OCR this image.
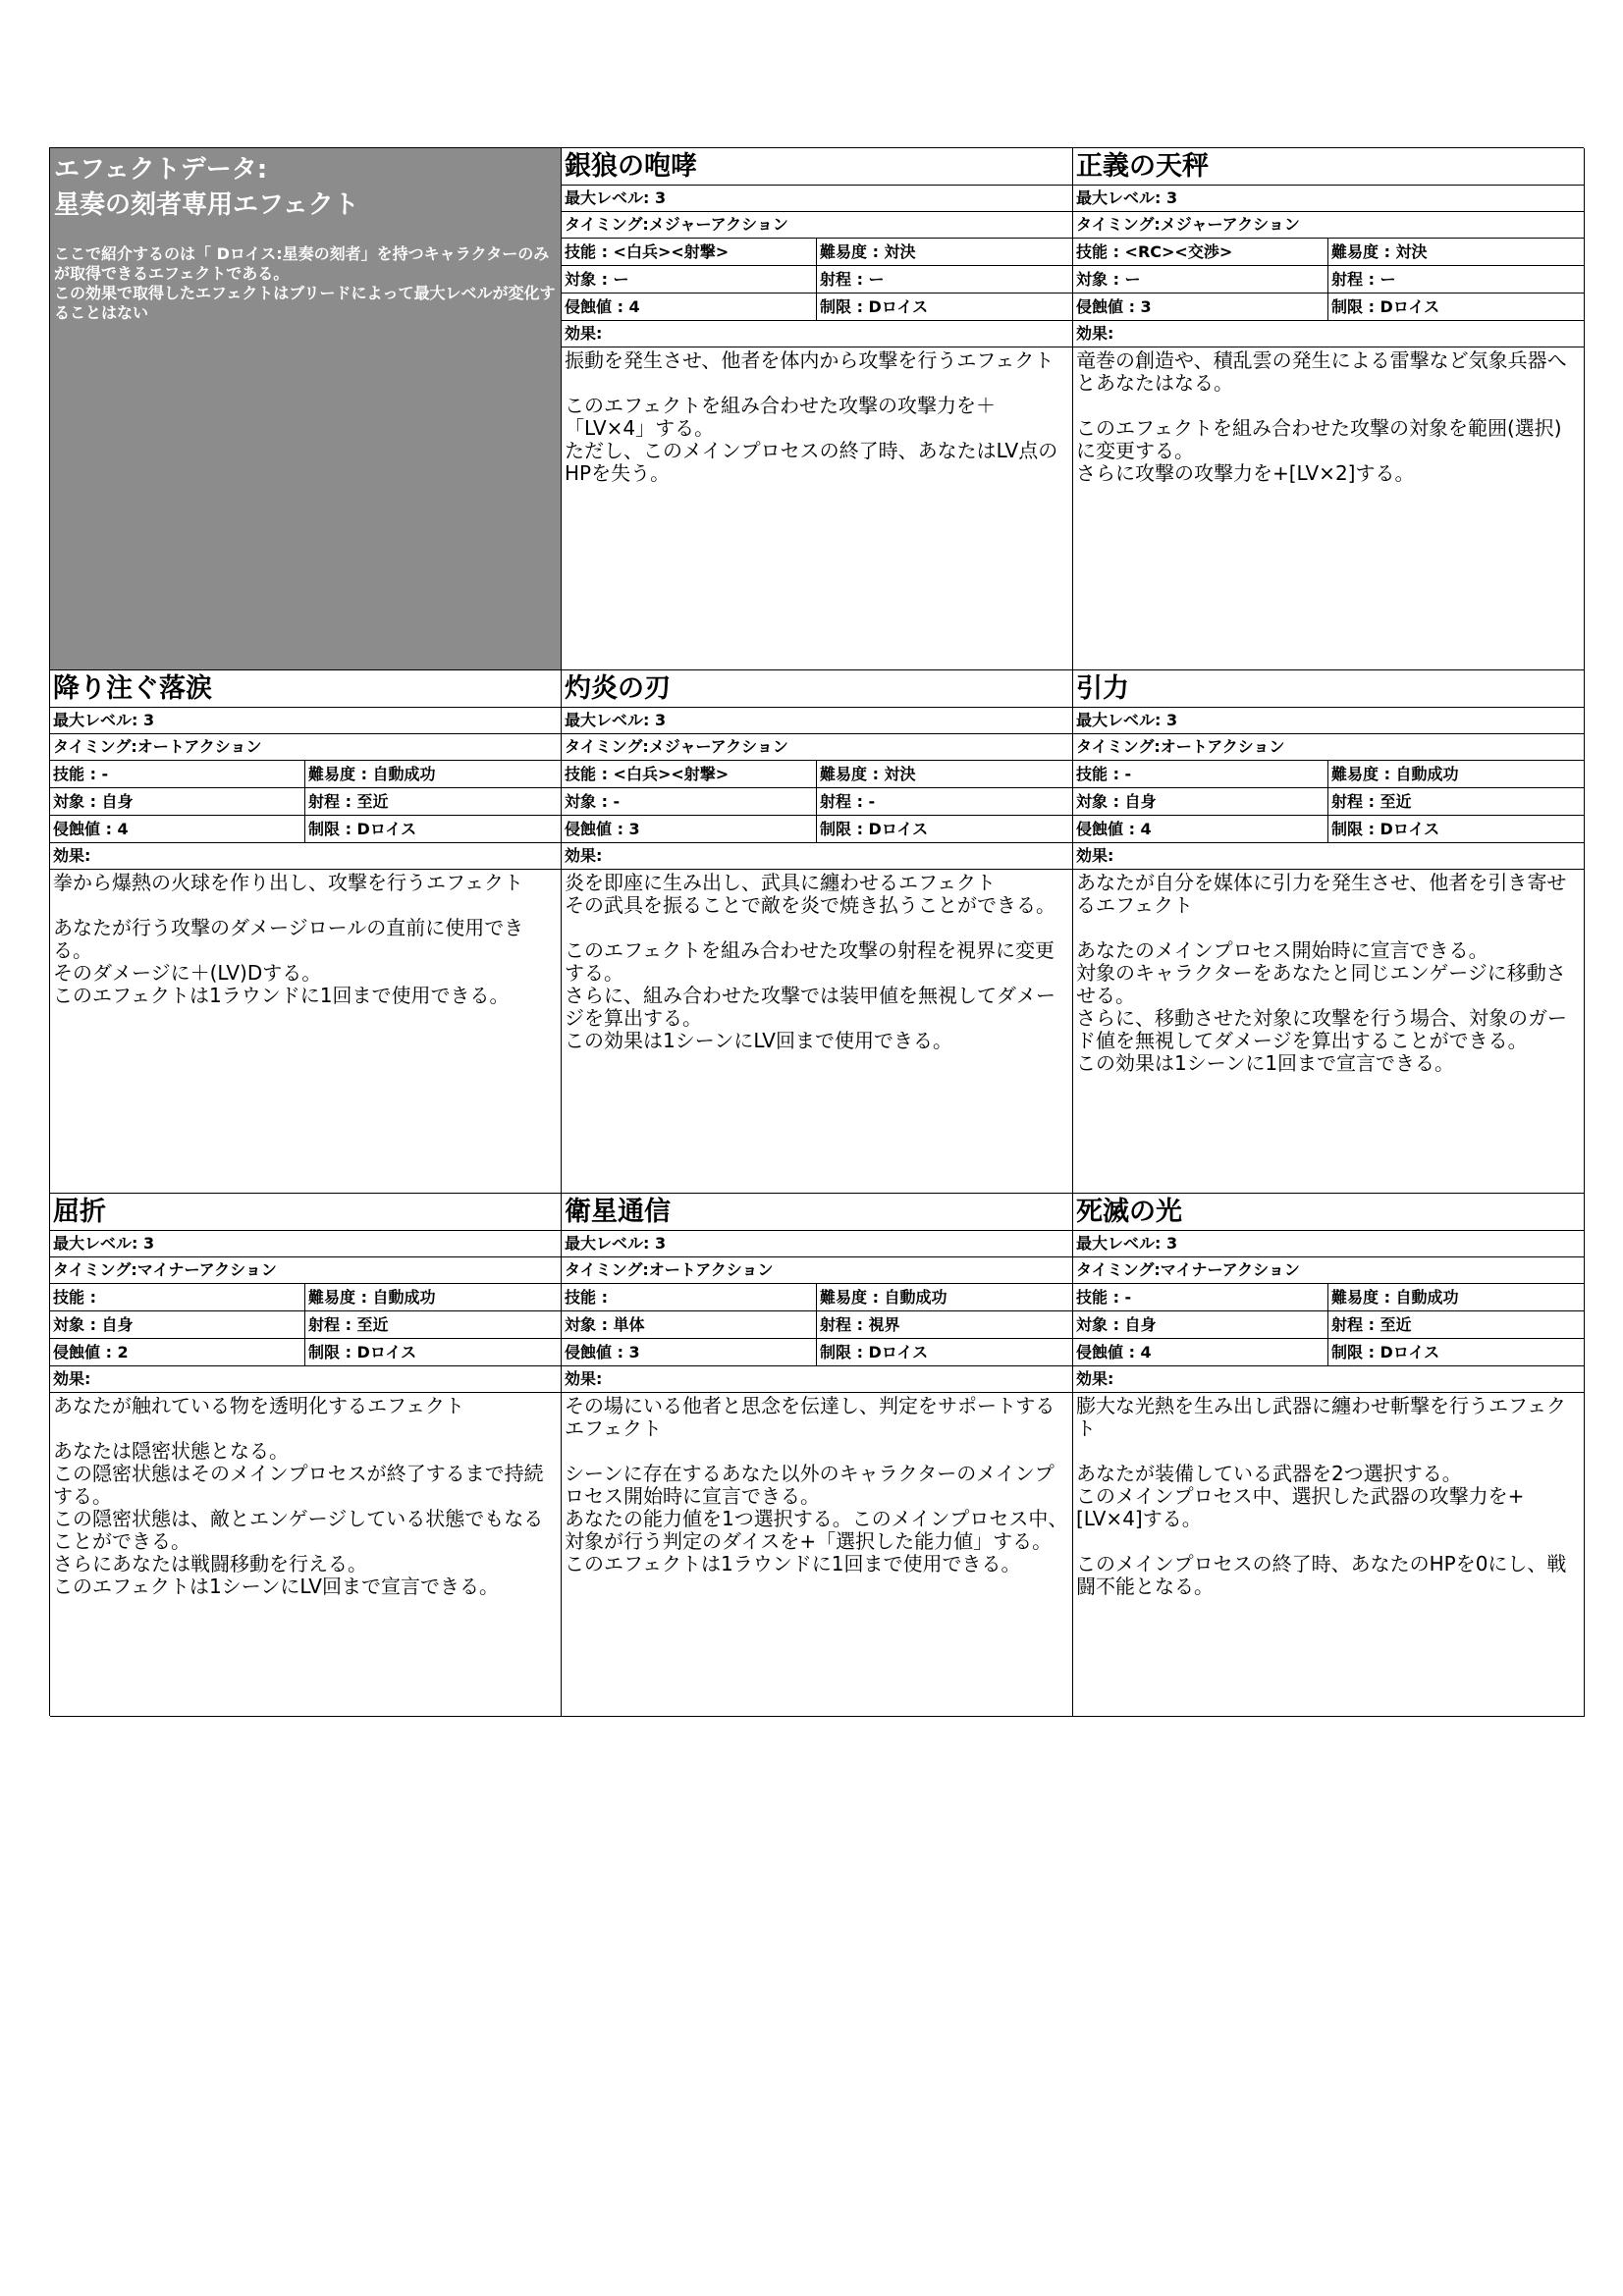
エフェクトデータ:
星奏の刻者専用エフェクト
ここで紹介するのは「 Dロイス:星奏の刻者」を持つキャラクターのみが取得できるエフェクトである。
この効果で取得したエフェクトはブリードによって最大レベルが変化することはない
銀狼の咆哮
最大レベル: 3
タイミング:メジャーアクション
技能 : <白兵><射撃>	難易度 : 対決
対象 : ー	射程 : ー
侵蝕値 : 4	制限 : Dロイス
効果:
振動を発生させ、他者を体内から攻撃を行うエフェクト

このエフェクトを組み合わせた攻撃の攻撃力を＋「LV×4」する。
ただし、このメインプロセスの終了時、あなたはLV点のHPを失う。
正義の天秤
最大レベル: 3
タイミング:メジャーアクション
技能 : <RC><交渉>	難易度 : 対決
対象 : ー	射程 : ー
侵蝕値 : 3	制限 : Dロイス
効果:
竜巻の創造や、積乱雲の発生による雷撃など気象兵器へとあなたはなる。

このエフェクトを組み合わせた攻撃の対象を範囲(選択)に変更する。
さらに攻撃の攻撃力を+[LV×2]する。
降り注ぐ落涙
最大レベル: 3
タイミング:オートアクション
技能 : -	難易度 : 自動成功
対象 : 自身	射程 : 至近
侵蝕値 : 4	制限 : Dロイス
効果:
拳から爆熱の火球を作り出し、攻撃を行うエフェクト

あなたが行う攻撃のダメージロールの直前に使用できる。
そのダメージに＋(LV)Dする。
このエフェクトは1ラウンドに1回まで使用できる。
灼炎の刃
最大レベル: 3
タイミング:メジャーアクション
技能 : <白兵><射撃>	難易度 : 対決
対象 : -	射程 : -
侵蝕値 : 3	制限 : Dロイス
効果:
炎を即座に生み出し、武具に纏わせるエフェクト
その武具を振ることで敵を炎で焼き払うことができる。

このエフェクトを組み合わせた攻撃の射程を視界に変更する。
さらに、組み合わせた攻撃では装甲値を無視してダメージを算出する。
この効果は1シーンにLV回まで使用できる。
引力
最大レベル: 3
タイミング:オートアクション
技能 : -	難易度 : 自動成功
対象 : 自身	射程 : 至近
侵蝕値 : 4	制限 : Dロイス
効果:
あなたが自分を媒体に引力を発生させ、他者を引き寄せるエフェクト

あなたのメインプロセス開始時に宣言できる。
対象のキャラクターをあなたと同じエンゲージに移動させる。
さらに、移動させた対象に攻撃を行う場合、対象のガード値を無視してダメージを算出することができる。
この効果は1シーンに1回まで宣言できる。
屈折
最大レベル: 3
タイミング:マイナーアクション
技能 :	難易度 : 自動成功
対象 : 自身	射程 : 至近
侵蝕値 : 2	制限 : Dロイス
効果:
あなたが触れている物を透明化するエフェクト

あなたは隠密状態となる。
この隠密状態はそのメインプロセスが終了するまで持続する。
この隠密状態は、敵とエンゲージしている状態でもなることができる。
さらにあなたは戦闘移動を行える。
このエフェクトは1シーンにLV回まで宣言できる。
衛星通信
最大レベル: 3
タイミング:オートアクション
技能 :	難易度 : 自動成功
対象 : 単体	射程 : 視界
侵蝕値 : 3	制限 : Dロイス
効果:
その場にいる他者と思念を伝達し、判定をサポートするエフェクト

シーンに存在するあなた以外のキャラクターのメインプロセス開始時に宣言できる。
あなたの能力値を1つ選択する。このメインプロセス中、対象が行う判定のダイスを+「選択した能力値」する。
このエフェクトは1ラウンドに1回まで使用できる。
死滅の光
最大レベル: 3
タイミング:マイナーアクション
技能 : -	難易度 : 自動成功
対象 : 自身	射程 : 至近
侵蝕値 : 4	制限 : Dロイス
効果:
膨大な光熱を生み出し武器に纏わせ斬撃を行うエフェクト

あなたが装備している武器を2つ選択する。
このメインプロセス中、選択した武器の攻撃力を+[LV×4]する。

このメインプロセスの終了時、あなたのHPを0にし、戦闘不能となる。
